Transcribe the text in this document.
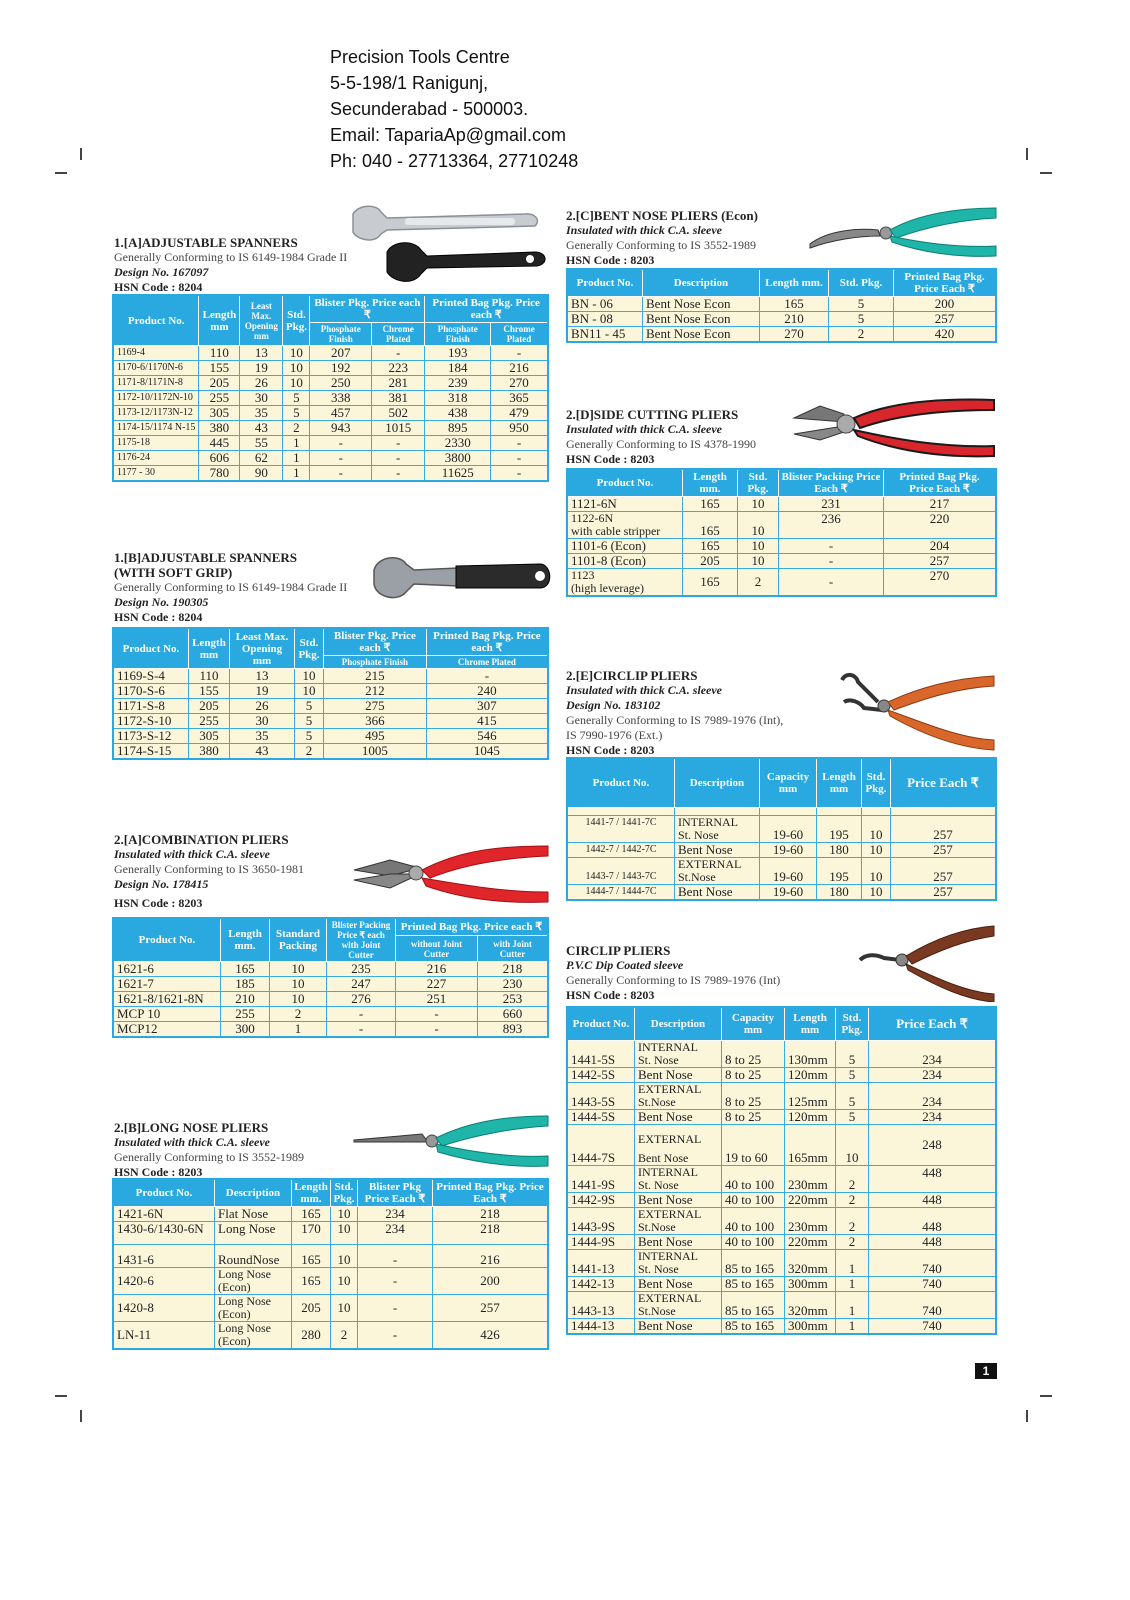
Precision Tools Centre
5-5-198/1 Ranigunj,
Secunderabad - 500003.
Email: TapariaAp@gmail.com
Ph: 040 - 27713364, 27710248
1.[A]ADJUSTABLE SPANNERS
Generally Conforming to IS 6149-1984 Grade II
Design No. 167097
HSN Code : 8204
Product No.	Length mm	Least Max. Opening mm	Std. Pkg.	Blister Pkg. Price each ₹		Printed Bag Pkg. Price each ₹	
				Phosphate Finish	Chrome Plated	Phosphate Finish	Chrome Plated
1169-4	110	13	10	207	-	193	-
1170-6/1170N-6	155	19	10	192	223	184	216
1171-8/1171N-8	205	26	10	250	281	239	270
1172-10/1172N-10	255	30	5	338	381	318	365
1173-12/1173N-12	305	35	5	457	502	438	479
1174-15/1174 N-15	380	43	2	943	1015	895	950
1175-18	445	55	1	-	-	2330	-
1176-24	606	62	1	-	-	3800	-
1177 - 30	780	90	1	-	-	11625	-
1.[B]ADJUSTABLE SPANNERS
(WITH SOFT GRIP)
Generally Conforming to IS 6149-1984 Grade II
Design No. 190305
HSN Code : 8204
Product No.	Length mm	Least Max. Opening mm	Std. Pkg.	Blister Pkg. Price each ₹	Printed Bag Pkg. Price each ₹
				Phosphate Finish	Chrome Plated
1169-S-4	110	13	10	215	-
1170-S-6	155	19	10	212	240
1171-S-8	205	26	5	275	307
1172-S-10	255	30	5	366	415
1173-S-12	305	35	5	495	546
1174-S-15	380	43	2	1005	1045
2.[A]COMBINATION PLIERS
Insulated with thick C.A. sleeve
Generally Conforming to IS 3650-1981
Design No. 178415
HSN Code : 8203
Product No.	Length mm.	Standard Packing	Blister Packing Price ₹ each with Joint Cutter	Printed Bag Pkg. Price each ₹	
				without Joint Cutter	with Joint Cutter
1621-6	165	10	235	216	218
1621-7	185	10	247	227	230
1621-8/1621-8N	210	10	276	251	253
MCP 10	255	2	-	-	660
MCP12	300	1	-	-	893
2.[B]LONG NOSE PLIERS
Insulated with thick C.A. sleeve
Generally Conforming to IS 3552-1989
HSN Code : 8203
Product No.	Description	Length mm.	Std. Pkg.	Blister Pkg Price Each ₹	Printed Bag Pkg. Price Each ₹
1421-6N	Flat Nose	165	10	234	218
1430-6/1430-6N	Long Nose	170	10	234	218
1431-6	RoundNose	165	10	-	216
1420-6	Long Nose
(Econ)	165	10	-	200
1420-8	Long Nose
(Econ)	205	10	-	257
LN-11	Long Nose
(Econ)	280	2	-	426
2.[C]BENT NOSE PLIERS (Econ)
Insulated with thick C.A. sleeve
Generally Conforming to IS 3552-1989
HSN Code : 8203
Product No.	Description	Length mm.	Std. Pkg.	Printed Bag Pkg. Price Each ₹
BN - 06	Bent Nose Econ	165	5	200
BN - 08	Bent Nose Econ	210	5	257
BN11 - 45	Bent Nose Econ	270	2	420
2.[D]SIDE CUTTING PLIERS
Insulated with thick C.A. sleeve
Generally Conforming to IS 4378-1990
HSN Code : 8203
Product No.	Length mm.	Std. Pkg.	Blister Packing Price Each ₹	Printed Bag Pkg. Price Each ₹
1121-6N	165	10	231	217

1122-6N
with cable stripper	165	10	236	220
1101-6 (Econ)	165	10	-	204
1101-8 (Econ)	205	10	-	257

1123
(high leverage)	165	2	-	270
2.[E]CIRCLIP PLIERS
Insulated with thick C.A. sleeve
Design No. 183102
Generally Conforming to IS 7989-1976 (Int),
IS 7990-1976 (Ext.)
HSN Code : 8203
Product No.	Description	Capacity mm	Length mm	Std. Pkg.	Price Each ₹

1441-7 / 1441-7C	INTERNAL
St. Nose	19-60	195	10	257
1442-7 / 1442-7C	Bent Nose	19-60	180	10	257
1443-7 / 1443-7C	EXTERNAL
St.Nose	19-60	195	10	257
1444-7 / 1444-7C	Bent Nose	19-60	180	10	257
CIRCLIP PLIERS
P.V.C Dip Coated sleeve
Generally Conforming to IS 7989-1976 (Int)
HSN Code : 8203
Product No.	Description	Capacity mm	Length mm	Std. Pkg.	Price Each ₹
1441-5S	INTERNAL
St. Nose	8 to 25	130mm	5	234
1442-5S	Bent Nose	8 to 25	120mm	5	234
1443-5S	EXTERNAL
St.Nose	8 to 25	125mm	5	234
1444-5S	Bent Nose	8 to 25	120mm	5	234
1444-7S	EXTERNAL
Bent Nose	19 to 60	165mm	10	248
1441-9S	INTERNAL
St. Nose	40 to 100	230mm	2	448
1442-9S	Bent Nose	40 to 100	220mm	2	448
1443-9S	EXTERNAL
St.Nose	40 to 100	230mm	2	448
1444-9S	Bent Nose	40 to 100	220mm	2	448
1441-13	INTERNAL
St. Nose	85 to 165	320mm	1	740
1442-13	Bent Nose	85 to 165	300mm	1	740
1443-13	EXTERNAL
St.Nose	85 to 165	320mm	1	740
1444-13	Bent Nose	85 to 165	300mm	1	740
1
